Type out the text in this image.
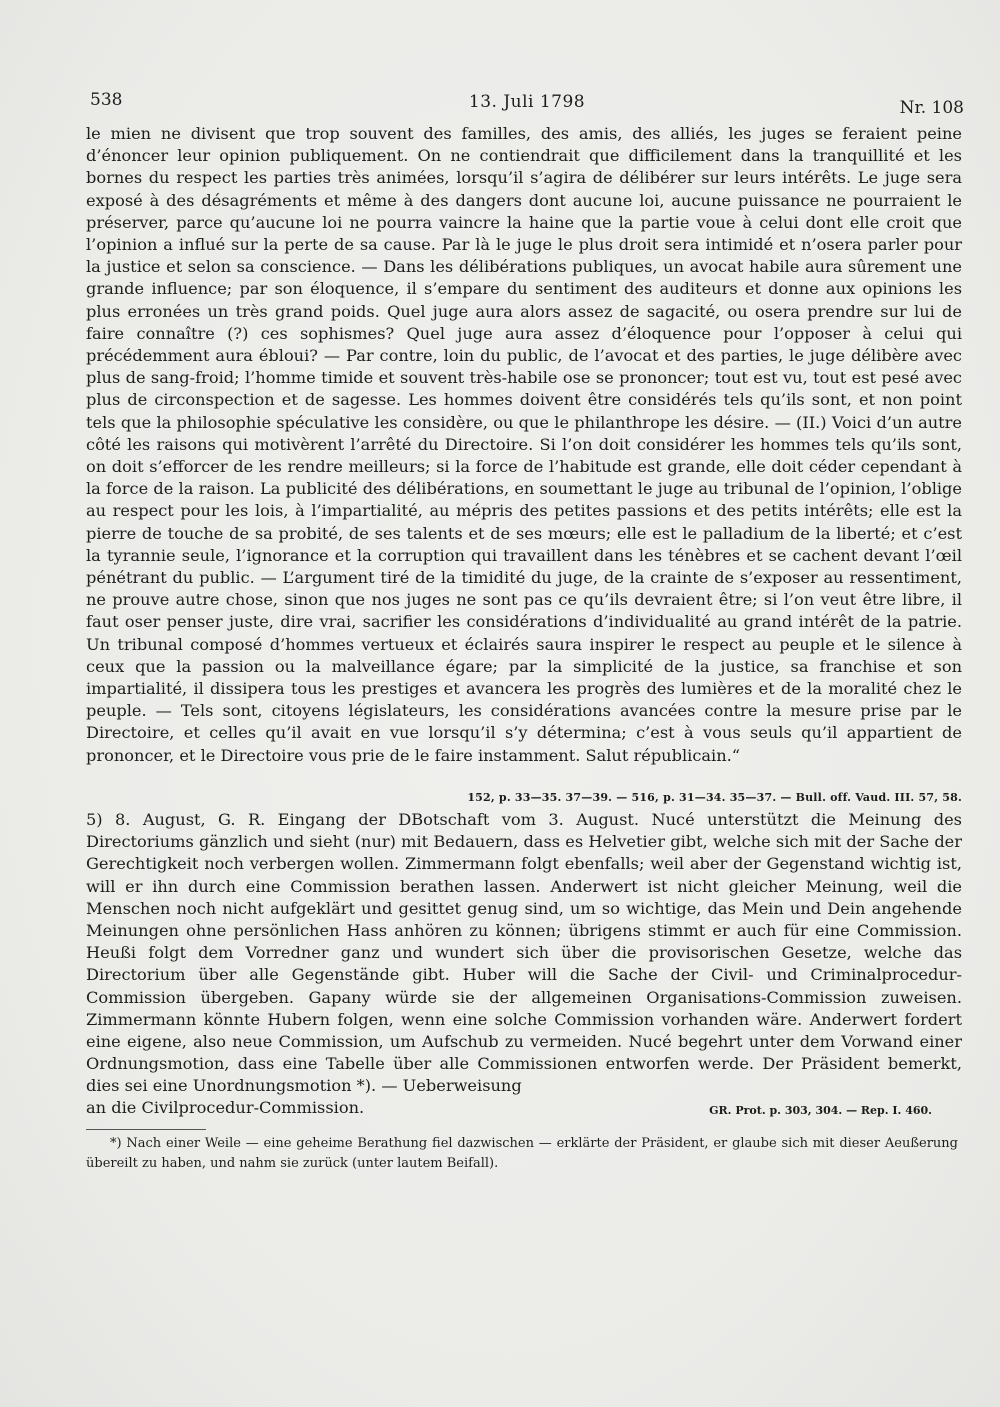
538	13. Juli 1798	Nr. 108

le mien ne divisent que trop souvent des familles, des amis, des alliés, les juges se feraient peine d’énoncer leur opinion publiquement. On ne contiendrait que difficilement dans la tranquillité et les bornes du respect les parties très animées, lorsqu’il s’agira de délibérer sur leurs intérêts. Le juge sera exposé à des désagréments et même à des dangers dont aucune loi, aucune puissance ne pourraient le préserver, parce qu’aucune loi ne pourra vaincre la haine que la partie voue à celui dont elle croit que l’opinion a influé sur la perte de sa cause. Par là le juge le plus droit sera intimidé et n’osera parler pour la justice et selon sa conscience. — Dans les délibérations publiques, un avocat habile aura sûrement une grande influence; par son éloquence, il s’empare du sentiment des auditeurs et donne aux opinions les plus erronées un très grand poids. Quel juge aura alors assez de sagacité, ou osera prendre sur lui de faire connaître (?) ces sophismes? Quel juge aura assez d’éloquence pour l’opposer à celui qui précédemment aura ébloui? — Par contre, loin du public, de l’avocat et des parties, le juge délibère avec plus de sang-froid; l’homme timide et souvent très-habile ose se prononcer; tout est vu, tout est pesé avec plus de circonspection et de sagesse. Les hommes doivent être considérés tels qu’ils sont, et non point tels que la philosophie spéculative les considère, ou que le philanthrope les désire. — (II.) Voici d’un autre côté les raisons qui motivèrent l’arrêté du Directoire. Si l’on doit considérer les hommes tels qu’ils sont, on doit s’efforcer de les rendre meilleurs; si la force de l’habitude est grande, elle doit céder cependant à la force de la raison. La publicité des délibérations, en soumettant le juge au tribunal de l’opinion, l’oblige au respect pour les lois, à l’impartialité, au mépris des petites passions et des petits intérêts; elle est la pierre de touche de sa probité, de ses talents et de ses mœurs; elle est le palladium de la liberté; et c’est la tyrannie seule, l’ignorance et la corruption qui travaillent dans les ténèbres et se cachent devant l’œil pénétrant du public. — L’argument tiré de la timidité du juge, de la crainte de s’exposer au ressentiment, ne prouve autre chose, sinon que nos juges ne sont pas ce qu’ils devraient être; si l’on veut être libre, il faut oser penser juste, dire vrai, sacrifier les considérations d’individualité au grand intérêt de la patrie. Un tribunal composé d’hommes vertueux et éclairés saura inspirer le respect au peuple et le silence à ceux que la passion ou la malveillance égare; par la simplicité de la justice, sa franchise et son impartialité, il dissipera tous les prestiges et avancera les progrès des lumières et de la moralité chez le peuple. — Tels sont, citoyens législateurs, les considérations avancées contre la mesure prise par le Directoire, et celles qu’il avait en vue lorsqu’il s’y détermina; c’est à vous seuls qu’il appartient de prononcer, et le Directoire vous prie de le faire instamment. Salut républicain.“

152, p. 33—35. 37—39. — 516, p. 31—34. 35—37. — Bull. off. Vaud. III. 57, 58.

5) 8. August, G. R. Eingang der DBotschaft vom 3. August. Nucé unterstützt die Meinung des Directoriums gänzlich und sieht (nur) mit Bedauern, dass es Helvetier gibt, welche sich mit der Sache der Gerechtigkeit noch verbergen wollen. Zimmermann folgt ebenfalls; weil aber der Gegenstand wichtig ist, will er ihn durch eine Commission berathen lassen. Anderwert ist nicht gleicher Meinung, weil die Menschen noch nicht aufgeklärt und gesittet genug sind, um so wichtige, das Mein und Dein angehende Meinungen ohne persönlichen Hass anhören zu können; übrigens stimmt er auch für eine Commission. Heußi folgt dem Vorredner ganz und wundert sich über die provisorischen Gesetze, welche das Directorium über alle Gegenstände gibt. Huber will die Sache der Civil- und Criminalprocedur-Commission übergeben. Gapany würde sie der allgemeinen Organisations-Commission zuweisen. Zimmermann könnte Hubern folgen, wenn eine solche Commission vorhanden wäre. Anderwert fordert eine eigene, also neue Commission, um Aufschub zu vermeiden. Nucé begehrt unter dem Vorwand einer Ordnungsmotion, dass eine Tabelle über alle Commissionen entworfen werde. Der Präsident bemerkt, dies sei eine Unordnungsmotion *). — Ueberweisung

an die Civilprocedur-Commission.	GR. Prot. p. 303, 304. — Rep. I. 460.
*) Nach einer Weile — eine geheime Berathung fiel dazwischen — erklärte der Präsident, er glaube sich mit dieser Aeußerung übereilt zu haben, und nahm sie zurück (unter lautem Beifall).
